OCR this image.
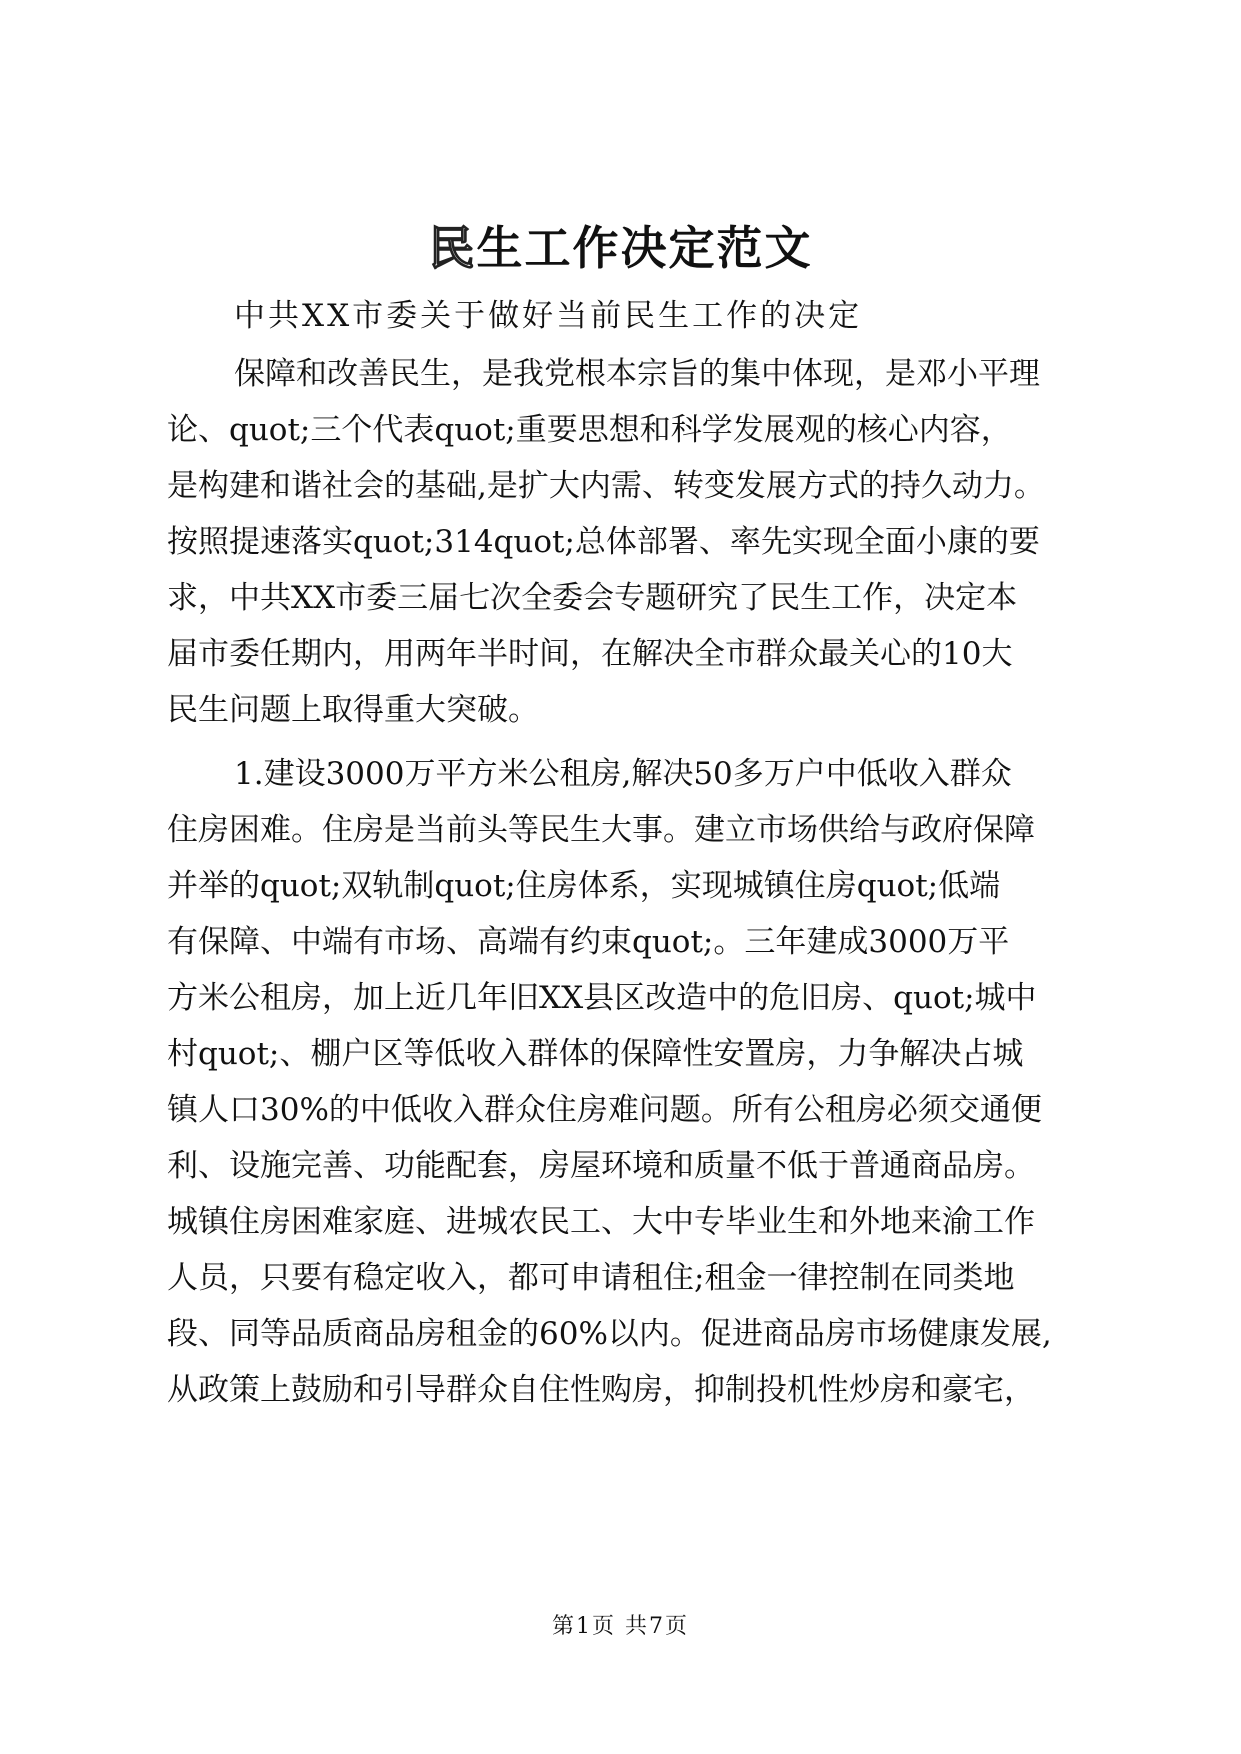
民生工作决定范文

中共XX市委关于做好当前民生工作的决定

保障和改善民生，是我党根本宗旨的集中体现，是邓小平理

论、quot;三个代表quot;重要思想和科学发展观的核心内容，

是构建和谐社会的基础,是扩大内需、转变发展方式的持久动力。

按照提速落实quot;314quot;总体部署、率先实现全面小康的要

求，中共XX市委三届七次全委会专题研究了民生工作，决定本

届市委任期内，用两年半时间，在解决全市群众最关心的10大

民生问题上取得重大突破。

1.建设3000万平方米公租房,解决50多万户中低收入群众

住房困难。住房是当前头等民生大事。建立市场供给与政府保障

并举的quot;双轨制quot;住房体系，实现城镇住房quot;低端

有保障、中端有市场、高端有约束quot;。三年建成3000万平

方米公租房，加上近几年旧XX县区改造中的危旧房、quot;城中

村quot;、棚户区等低收入群体的保障性安置房，力争解决占城

镇人口30%的中低收入群众住房难问题。所有公租房必须交通便

利、设施完善、功能配套，房屋环境和质量不低于普通商品房。

城镇住房困难家庭、进城农民工、大中专毕业生和外地来渝工作

人员，只要有稳定收入，都可申请租住;租金一律控制在同类地

段、同等品质商品房租金的60%以内。促进商品房市场健康发展,

从政策上鼓励和引导群众自住性购房，抑制投机性炒房和豪宅，

第1页 共7页
